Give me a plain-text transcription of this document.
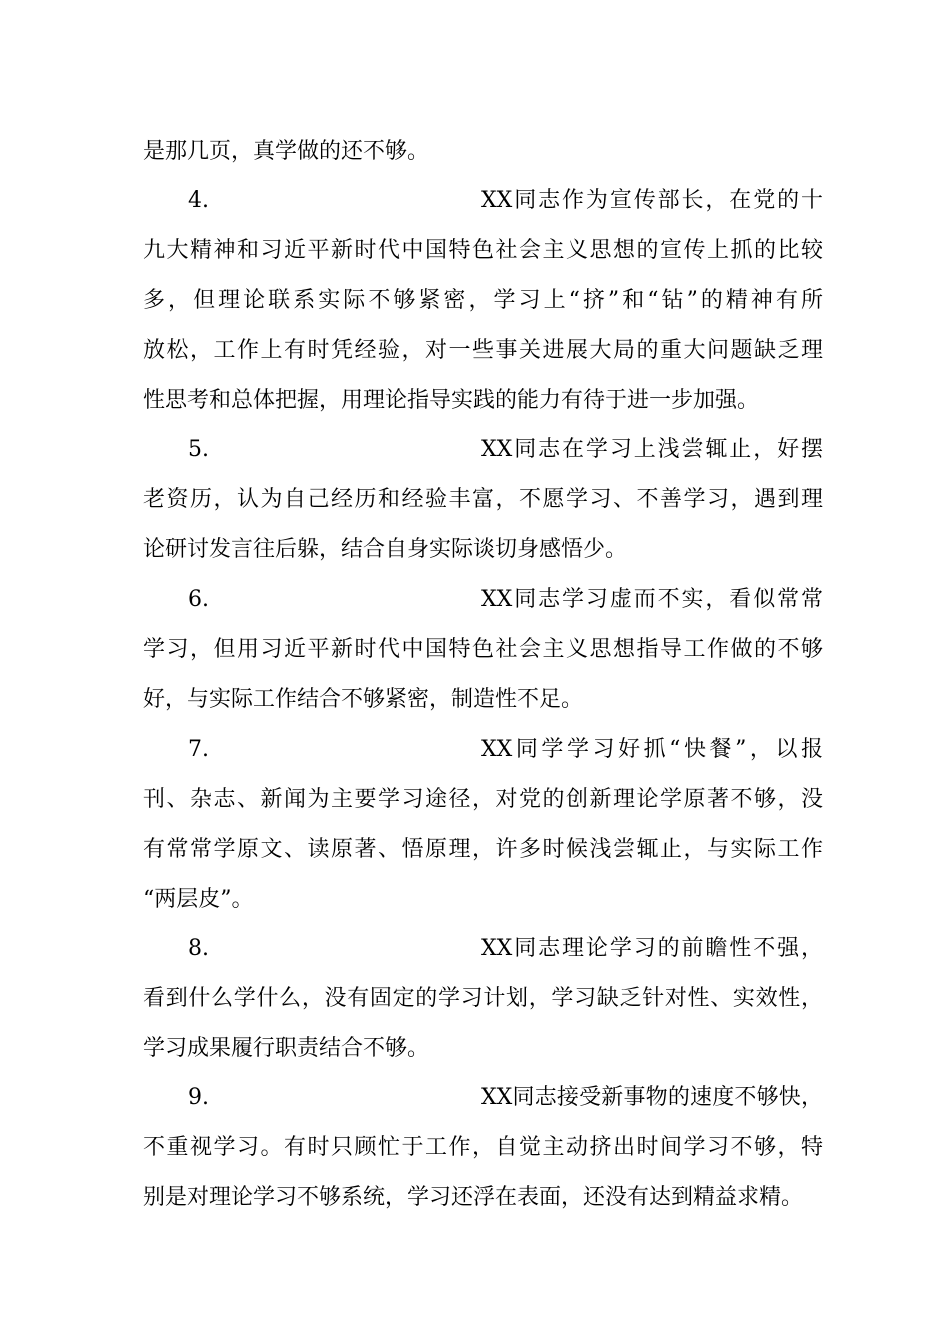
是那几页，真学做的还不够。
4.	XX同志作为宣传部长，在党的十
九大精神和习近平新时代中国特色社会主义思想的宣传上抓的比较
多，但理论联系实际不够紧密，学习上“挤”和“钻”的精神有所
放松，工作上有时凭经验，对一些事关进展大局的重大问题缺乏理
性思考和总体把握，用理论指导实践的能力有待于进一步加强。
5.	XX同志在学习上浅尝辄止，好摆
老资历，认为自己经历和经验丰富，不愿学习、不善学习，遇到理
论研讨发言往后躲，结合自身实际谈切身感悟少。
6.	XX同志学习虚而不实，看似常常
学习，但用习近平新时代中国特色社会主义思想指导工作做的不够
好，与实际工作结合不够紧密，制造性不足。
7.	XX同学学习好抓“快餐”，以报
刊、杂志、新闻为主要学习途径，对党的创新理论学原著不够，没
有常常学原文、读原著、悟原理，许多时候浅尝辄止，与实际工作
“两层皮”。
8.	XX同志理论学习的前瞻性不强，
看到什么学什么，没有固定的学习计划，学习缺乏针对性、实效性，
学习成果履行职责结合不够。
9.	XX同志接受新事物的速度不够快，
不重视学习。有时只顾忙于工作，自觉主动挤出时间学习不够，特
别是对理论学习不够系统，学习还浮在表面，还没有达到精益求精。
